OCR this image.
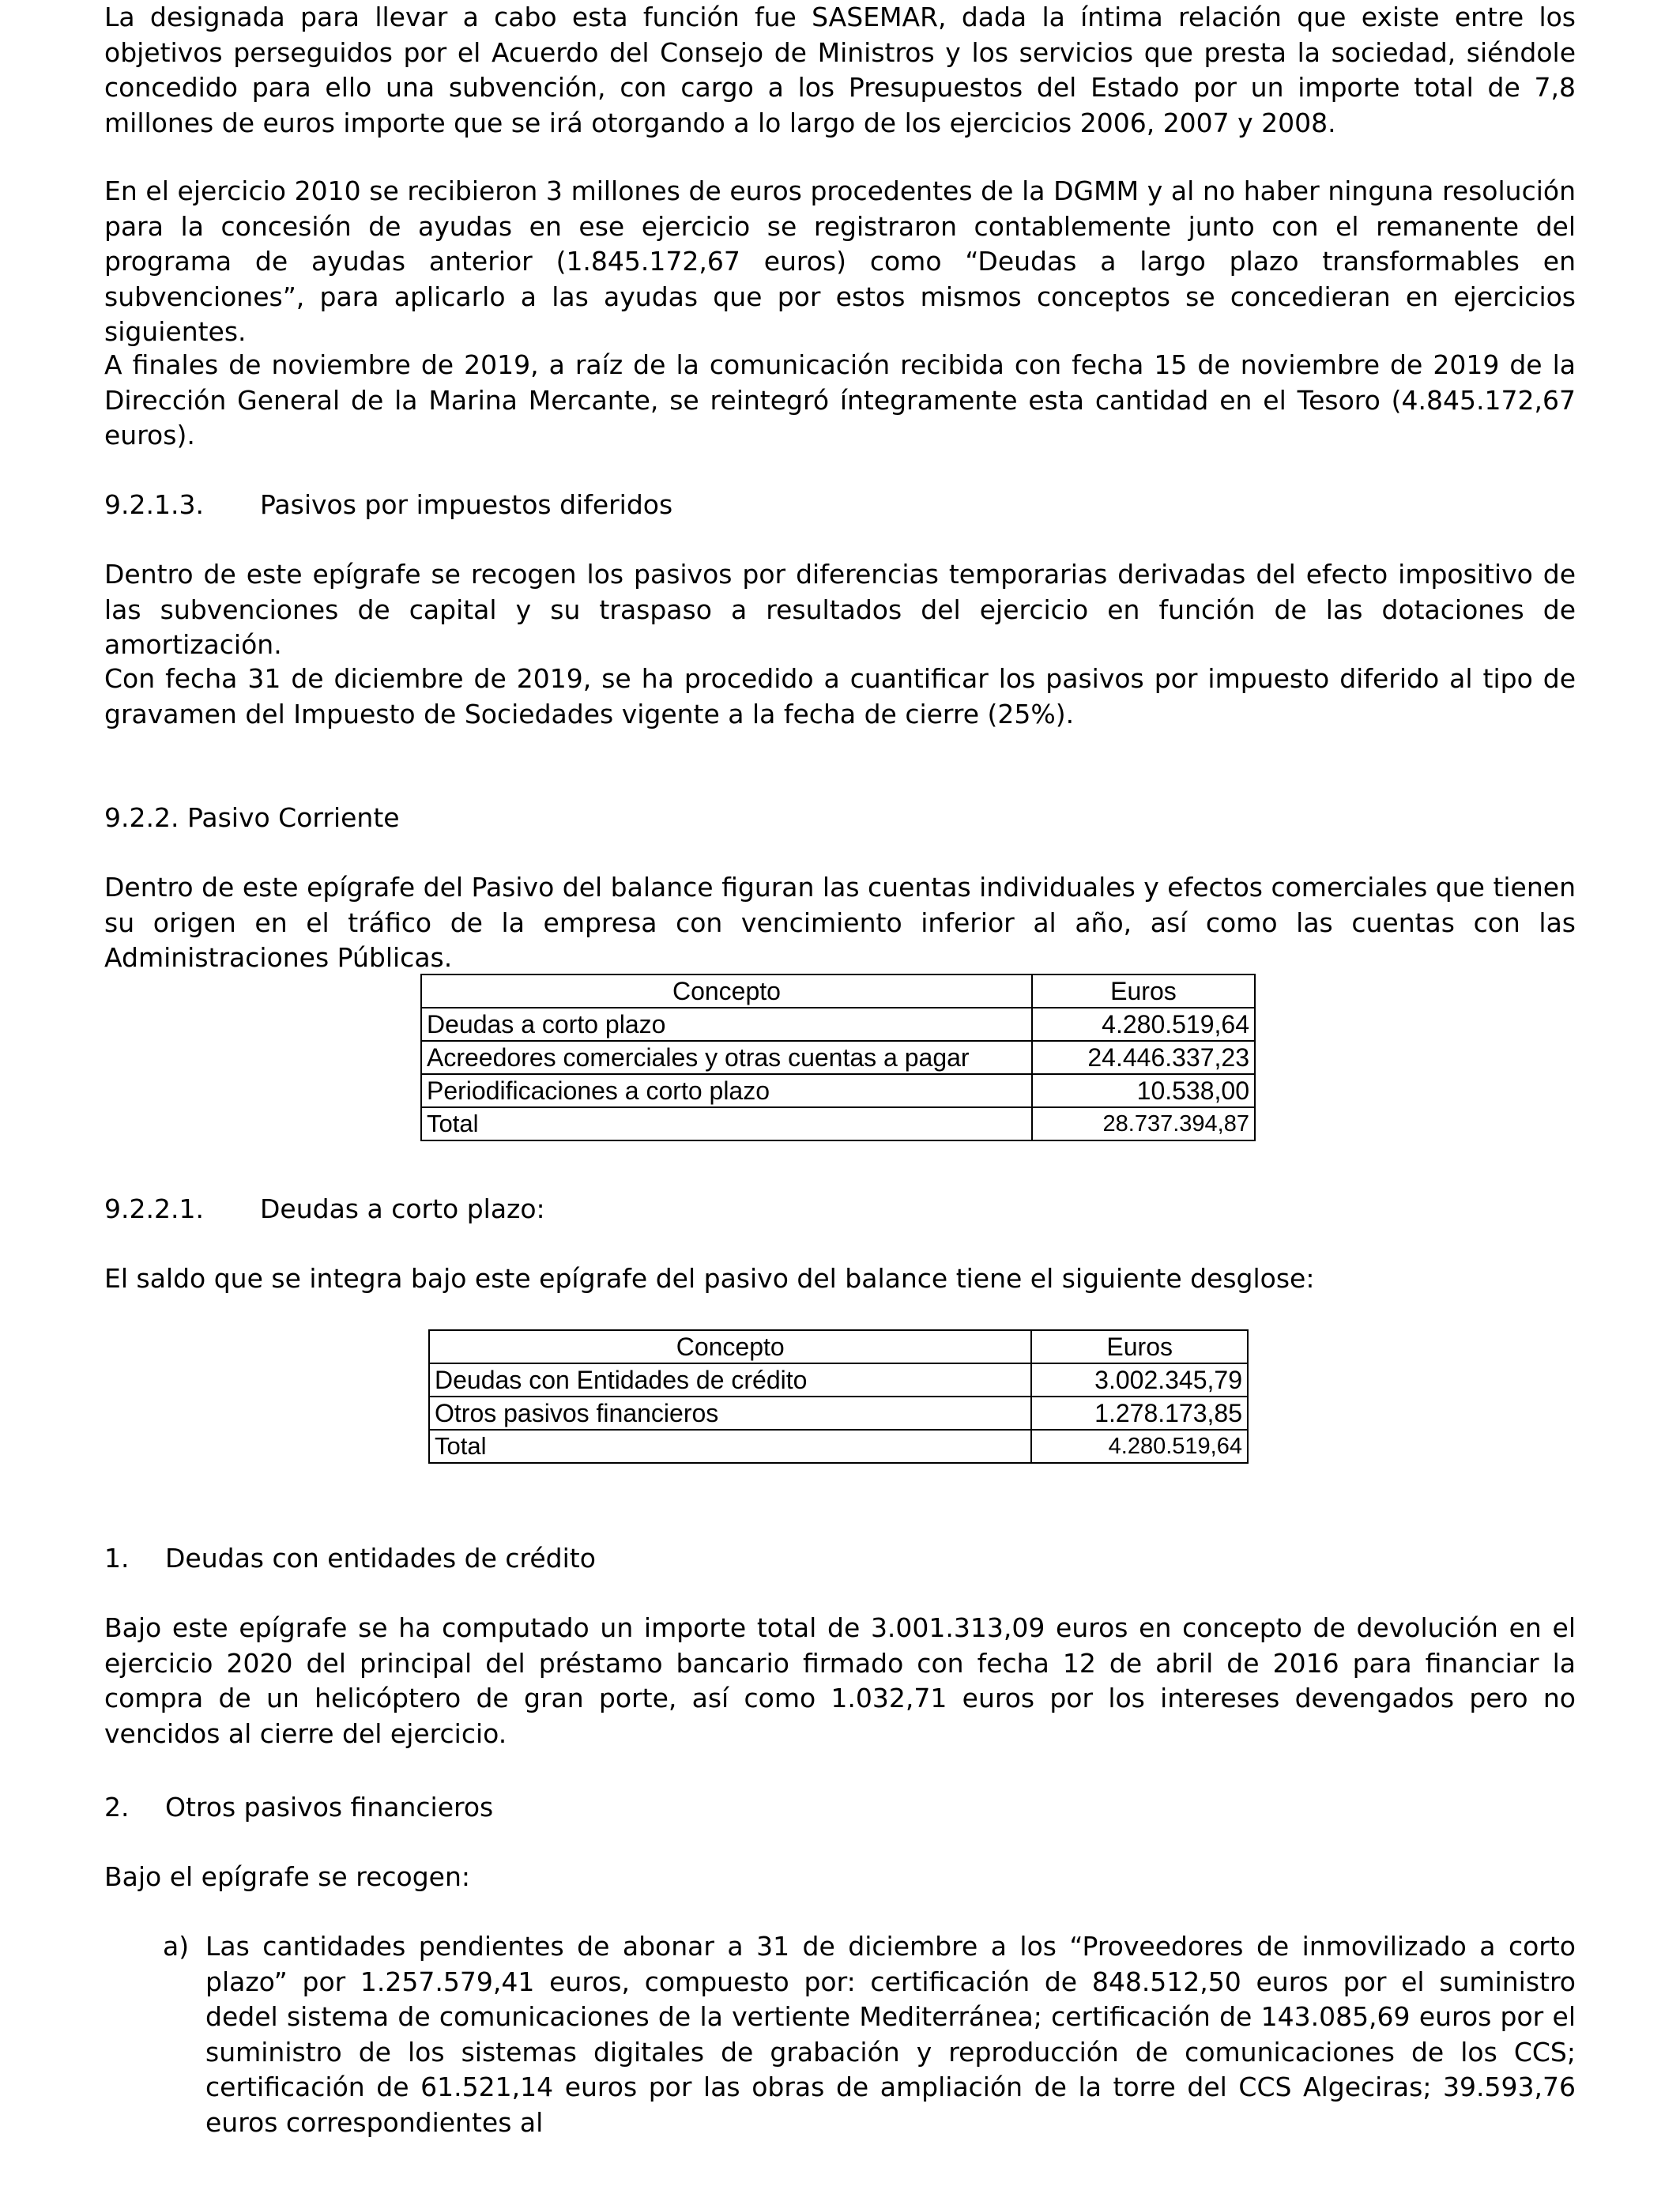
La designada para llevar a cabo esta función fue SASEMAR, dada la íntima relación que existe entre los objetivos perseguidos por el Acuerdo del Consejo de Ministros y los servicios que presta la sociedad, siéndole concedido para ello una subvención, con cargo a los Presupuestos del Estado por un importe total de 7,8 millones de euros importe que se irá otorgando a lo largo de los ejercicios 2006, 2007 y 2008.

En el ejercicio 2010 se recibieron 3 millones de euros procedentes de la DGMM y al no haber ninguna resolución para la concesión de ayudas en ese ejercicio se registraron contablemente junto con el remanente del programa de ayudas anterior (1.845.172,67 euros) como “Deudas a largo plazo transformables en subvenciones”, para aplicarlo a las ayudas que por estos mismos conceptos se concedieran en ejercicios siguientes.

A finales de noviembre de 2019, a raíz de la comunicación recibida con fecha 15 de noviembre de 2019 de la Dirección General de la Marina Mercante, se reintegró íntegramente esta cantidad en el Tesoro (4.845.172,67 euros).

9.2.1.3. Pasivos por impuestos diferidos

Dentro de este epígrafe se recogen los pasivos por diferencias temporarias derivadas del efecto impositivo de las subvenciones de capital y su traspaso a resultados del ejercicio en función de las dotaciones de amortización.

Con fecha 31 de diciembre de 2019, se ha procedido a cuantificar los pasivos por impuesto diferido al tipo de gravamen del Impuesto de Sociedades vigente a la fecha de cierre (25%).

9.2.2. Pasivo Corriente

Dentro de este epígrafe del Pasivo del balance figuran las cuentas individuales y efectos comerciales que tienen su origen en el tráfico de la empresa con vencimiento inferior al año, así como las cuentas con las Administraciones Públicas.

Concepto	Euros
Deudas a corto plazo	4.280.519,64
Acreedores comerciales y otras cuentas a pagar	24.446.337,23
Periodificaciones a corto plazo	10.538,00
Total	28.737.394,87
9.2.2.1. Deudas a corto plazo:

El saldo que se integra bajo este epígrafe del pasivo del balance tiene el siguiente desglose:

Concepto	Euros
Deudas con Entidades de crédito	3.002.345,79
Otros pasivos financieros	1.278.173,85
Total	4.280.519,64
1. Deudas con entidades de crédito

Bajo este epígrafe se ha computado un importe total de 3.001.313,09 euros en concepto de devolución en el ejercicio 2020 del principal del préstamo bancario firmado con fecha 12 de abril de 2016 para financiar la compra de un helicóptero de gran porte, así como 1.032,71 euros por los intereses devengados pero no vencidos al cierre del ejercicio.

2. Otros pasivos financieros

Bajo el epígrafe se recogen:

a) Las cantidades pendientes de abonar a 31 de diciembre a los “Proveedores de inmovilizado a corto plazo” por 1.257.579,41 euros, compuesto por: certificación de 848.512,50 euros por el suministro dedel sistema de comunicaciones de la vertiente Mediterránea; certificación de 143.085,69 euros por el suministro de los sistemas digitales de grabación y reproducción de comunicaciones de los CCS; certificación de 61.521,14 euros por las obras de ampliación de la torre del CCS Algeciras; 39.593,76 euros correspondientes al
